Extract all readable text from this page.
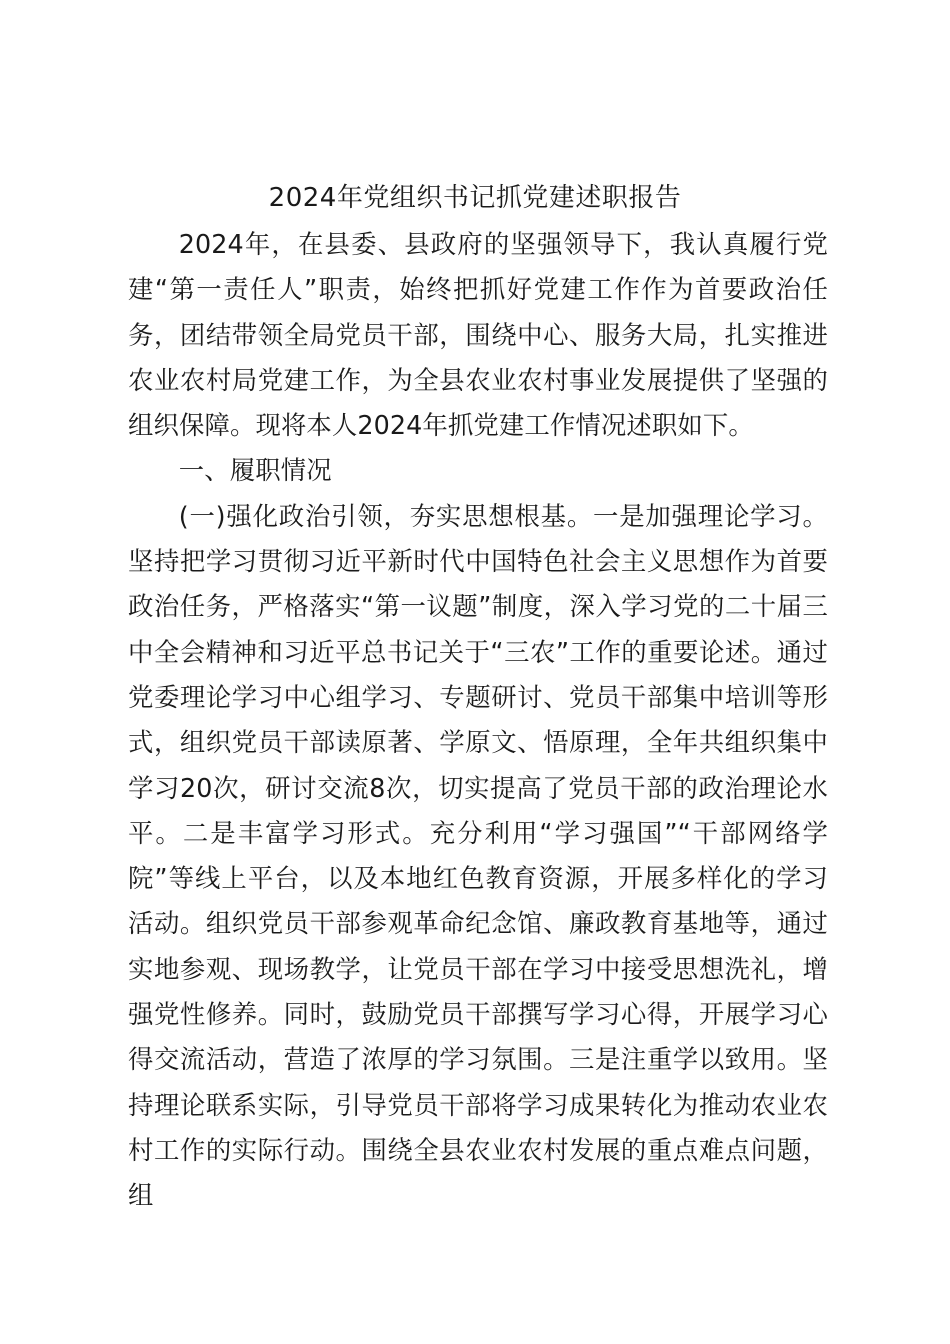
2024年党组织书记抓党建述职报告

2024年，在县委、县政府的坚强领导下，我认真履行党建“第一责任人”职责，始终把抓好党建工作作为首要政治任务，团结带领全局党员干部，围绕中心、服务大局，扎实推进农业农村局党建工作，为全县农业农村事业发展提供了坚强的组织保障。现将本人2024年抓党建工作情况述职如下。

一、履职情况

(一)强化政治引领，夯实思想根基。一是加强理论学习。坚持把学习贯彻习近平新时代中国特色社会主义思想作为首要政治任务，严格落实“第一议题”制度，深入学习党的二十届三中全会精神和习近平总书记关于“三农”工作的重要论述。通过党委理论学习中心组学习、专题研讨、党员干部集中培训等形式，组织党员干部读原著、学原文、悟原理，全年共组织集中学习20次，研讨交流8次，切实提高了党员干部的政治理论水平。二是丰富学习形式。充分利用“学习强国”“干部网络学院”等线上平台，以及本地红色教育资源，开展多样化的学习活动。组织党员干部参观革命纪念馆、廉政教育基地等，通过实地参观、现场教学，让党员干部在学习中接受思想洗礼，增强党性修养。同时，鼓励党员干部撰写学习心得，开展学习心得交流活动，营造了浓厚的学习氛围。三是注重学以致用。坚持理论联系实际，引导党员干部将学习成果转化为推动农业农村工作的实际行动。围绕全县农业农村发展的重点难点问题，组
